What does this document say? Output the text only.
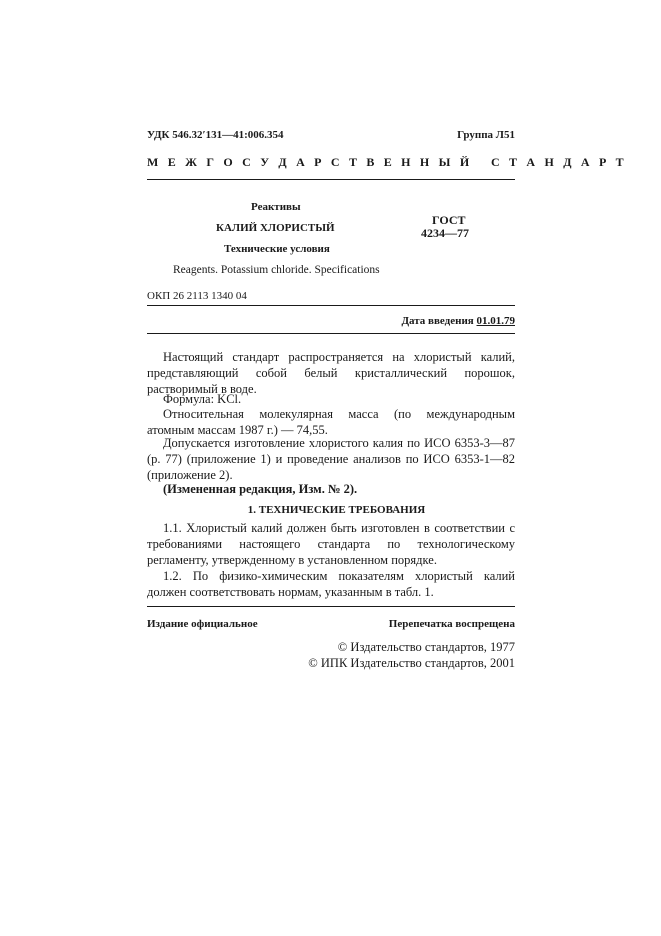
УДК 546.32′131—41:006.354	Группа Л51
М Е Ж Г О С У Д А Р С Т В Е Н Н Ы Й   С Т А Н Д А Р Т
Реактивы
КАЛИЙ ХЛОРИСТЫЙ
Технические условия
ГОСТ
4234—77
Reagents. Potassium chloride. Specifications
ОКП 26 2113 1340 04
Дата введения 01.01.79
Настоящий стандарт распространяется на хлористый калий, представляющий собой белый кристаллический порошок, растворимый в воде.
Формула: KCl.
Относительная молекулярная масса (по международным атомным массам 1987 г.) — 74,55.
Допускается изготовление хлористого калия по ИСО 6353-3—87 (р. 77) (приложение 1) и проведение анализов по ИСО 6353-1—82 (приложение 2).
(Измененная редакция, Изм. № 2).
1. ТЕХНИЧЕСКИЕ ТРЕБОВАНИЯ
1.1. Хлористый калий должен быть изготовлен в соответствии с требованиями настоящего стандарта по технологическому регламенту, утвержденному в установленном порядке.
1.2. По физико-химическим показателям хлористый калий должен соответствовать нормам, указанным в табл. 1.
Издание официальное	Перепечатка воспрещена
© Издательство стандартов, 1977
© ИПК Издательство стандартов, 2001
